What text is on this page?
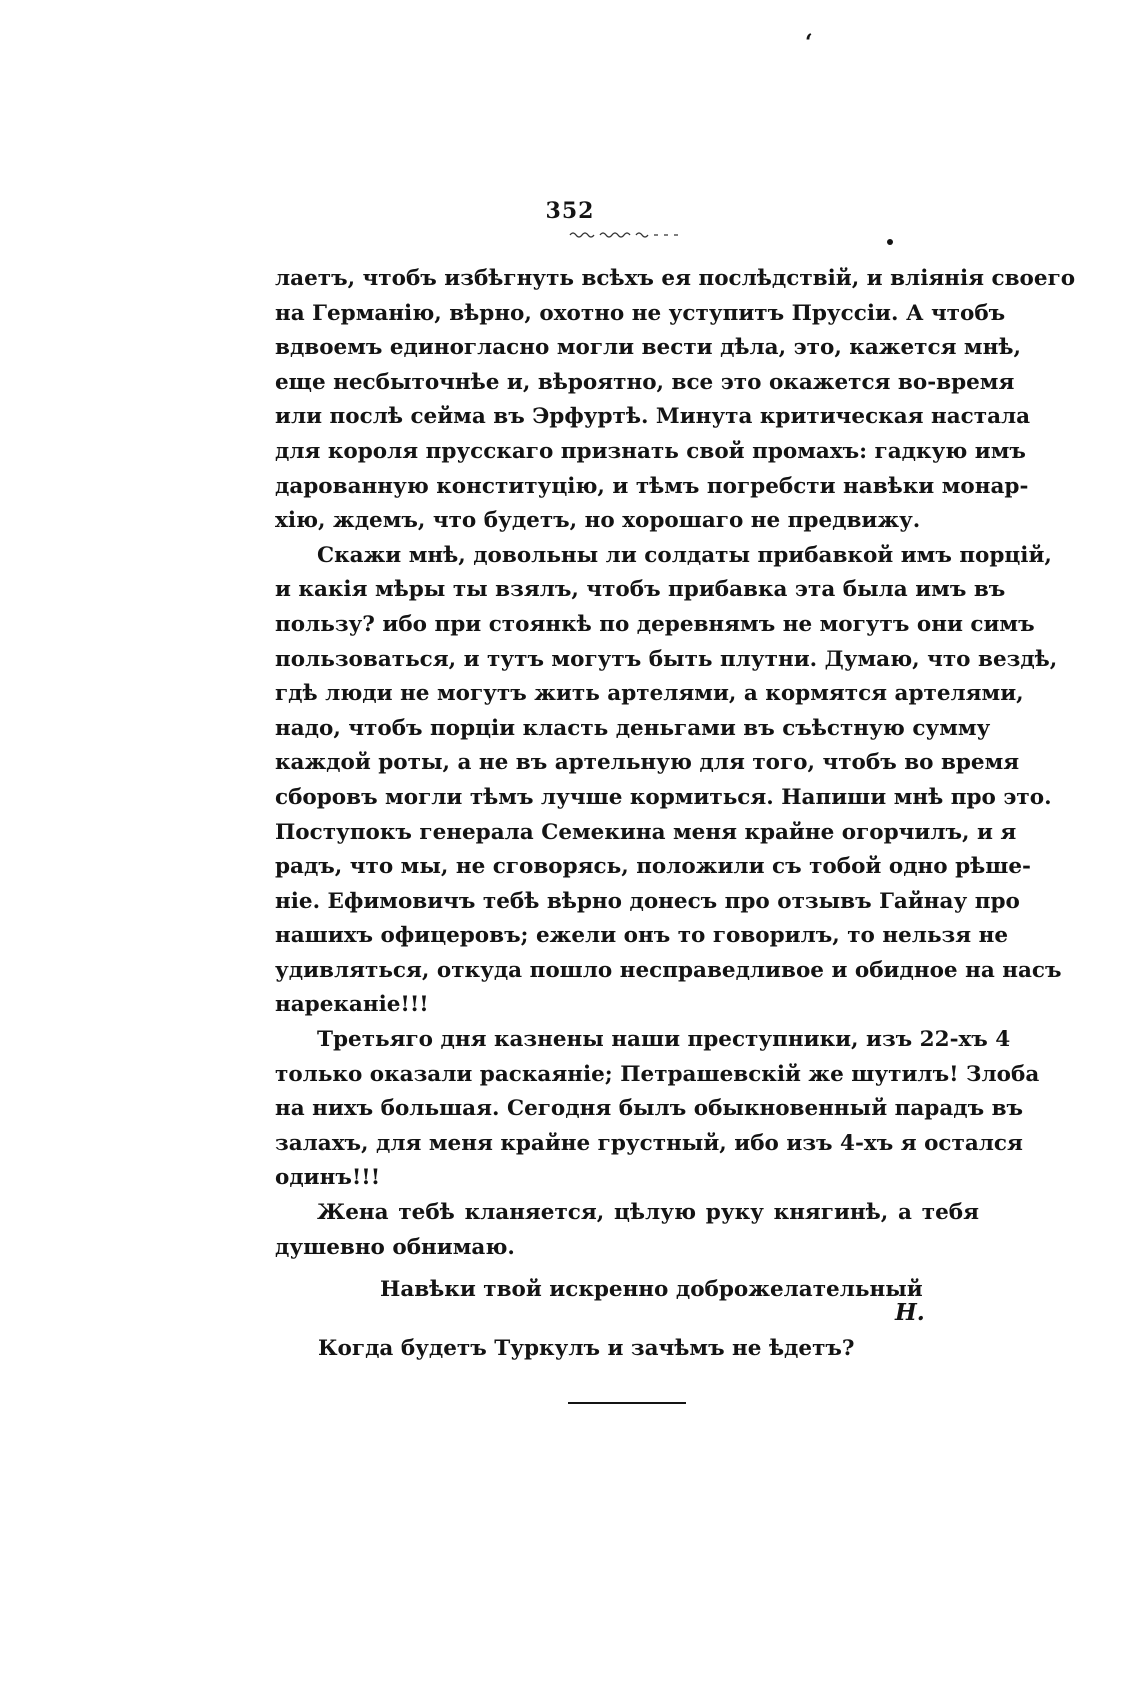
‘
352
лаетъ, чтобъ избѣгнуть всѣхъ ея послѣдствій, и вліянія своего
на Германію, вѣрно, охотно не уступитъ Пруссіи. А чтобъ
вдвоемъ единогласно могли вести дѣла, это, кажется мнѣ,
еще несбыточнѣе и, вѣроятно, все это окажется во-время
или послѣ сейма въ Эрфуртѣ. Минута критическая настала
для короля прусскаго признать свой промахъ: гадкую имъ
дарованную конституцію, и тѣмъ погребсти навѣки монар-
хію, ждемъ, что будетъ, но хорошаго не предвижу.
Скажи мнѣ, довольны ли солдаты прибавкой имъ порцій,
и какія мѣры ты взялъ, чтобъ прибавка эта была имъ въ
пользу? ибо при стоянкѣ по деревнямъ не могутъ они симъ
пользоваться, и тутъ могутъ быть плутни. Думаю, что вездѣ,
гдѣ люди не могутъ жить артелями, а кормятся артелями,
надо, чтобъ порціи класть деньгами въ съѣстную сумму
каждой роты, а не въ артельную для того, чтобъ во время
сборовъ могли тѣмъ лучше кормиться. Напиши мнѣ про это.
Поступокъ генерала Семекина меня крайне огорчилъ, и я
радъ, что мы, не сговорясь, положили съ тобой одно рѣше-
ніе. Ефимовичъ тебѣ вѣрно донесъ про отзывъ Гайнау про
нашихъ офицеровъ; ежели онъ то говорилъ, то нельзя не
удивляться, откуда пошло несправедливое и обидное на насъ
нареканіе!!!
Третьяго дня казнены наши преступники, изъ 22-хъ 4
только оказали раскаяніе; Петрашевскій же шутилъ! Злоба
на нихъ большая. Сегодня былъ обыкновенный парадъ въ
залахъ, для меня крайне грустный, ибо изъ 4-хъ я остался
одинъ!!!
Жена тебѣ кланяется, цѣлую руку княгинѣ, а тебя
душевно обнимаю.
Навѣки твой искренно доброжелательный
Н.
Когда будетъ Туркулъ и зачѣмъ не ѣдетъ?
